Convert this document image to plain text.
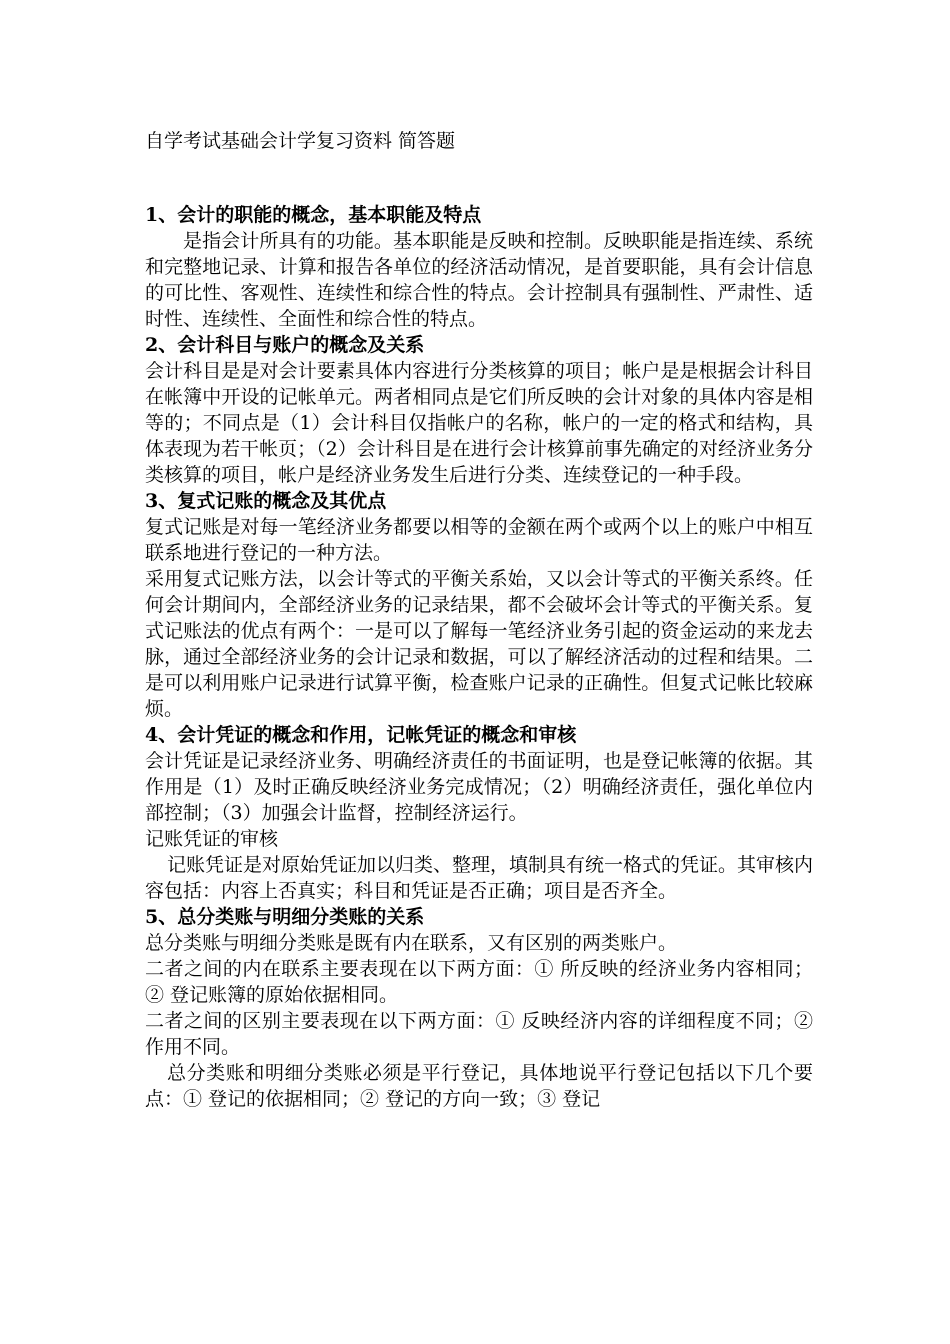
自学考试基础会计学复习资料 简答题
1、会计的职能的概念，基本职能及特点

是指会计所具有的功能。基本职能是反映和控制。反映职能是指连续、系统和完整地记录、计算和报告各单位的经济活动情况，是首要职能，具有会计信息的可比性、客观性、连续性和综合性的特点。会计控制具有强制性、严肃性、适时性、连续性、全面性和综合性的特点。

2、会计科目与账户的概念及关系

会计科目是是对会计要素具体内容进行分类核算的项目；帐户是是根据会计科目在帐簿中开设的记帐单元。两者相同点是它们所反映的会计对象的具体内容是相等的；不同点是（1）会计科目仅指帐户的名称，帐户的一定的格式和结构，具体表现为若干帐页；（2）会计科目是在进行会计核算前事先确定的对经济业务分类核算的项目，帐户是经济业务发生后进行分类、连续登记的一种手段。

3、复式记账的概念及其优点

复式记账是对每一笔经济业务都要以相等的金额在两个或两个以上的账户中相互联系地进行登记的一种方法。

采用复式记账方法，以会计等式的平衡关系始，又以会计等式的平衡关系终。任何会计期间内，全部经济业务的记录结果，都不会破坏会计等式的平衡关系。复式记账法的优点有两个：一是可以了解每一笔经济业务引起的资金运动的来龙去脉，通过全部经济业务的会计记录和数据，可以了解经济活动的过程和结果。二是可以利用账户记录进行试算平衡，检查账户记录的正确性。但复式记帐比较麻烦。

4、会计凭证的概念和作用，记帐凭证的概念和审核

会计凭证是记录经济业务、明确经济责任的书面证明，也是登记帐簿的依据。其作用是（1）及时正确反映经济业务完成情况；（2）明确经济责任，强化单位内部控制；（3）加强会计监督，控制经济运行。

记账凭证的审核

记账凭证是对原始凭证加以归类、整理，填制具有统一格式的凭证。其审核内容包括：内容上否真实；科目和凭证是否正确；项目是否齐全。

5、总分类账与明细分类账的关系

总分类账与明细分类账是既有内在联系，又有区别的两类账户。

二者之间的内在联系主要表现在以下两方面：① 所反映的经济业务内容相同；② 登记账簿的原始依据相同。

二者之间的区别主要表现在以下两方面：① 反映经济内容的详细程度不同；② 作用不同。

总分类账和明细分类账必须是平行登记，具体地说平行登记包括以下几个要点：① 登记的依据相同；② 登记的方向一致；③ 登记
